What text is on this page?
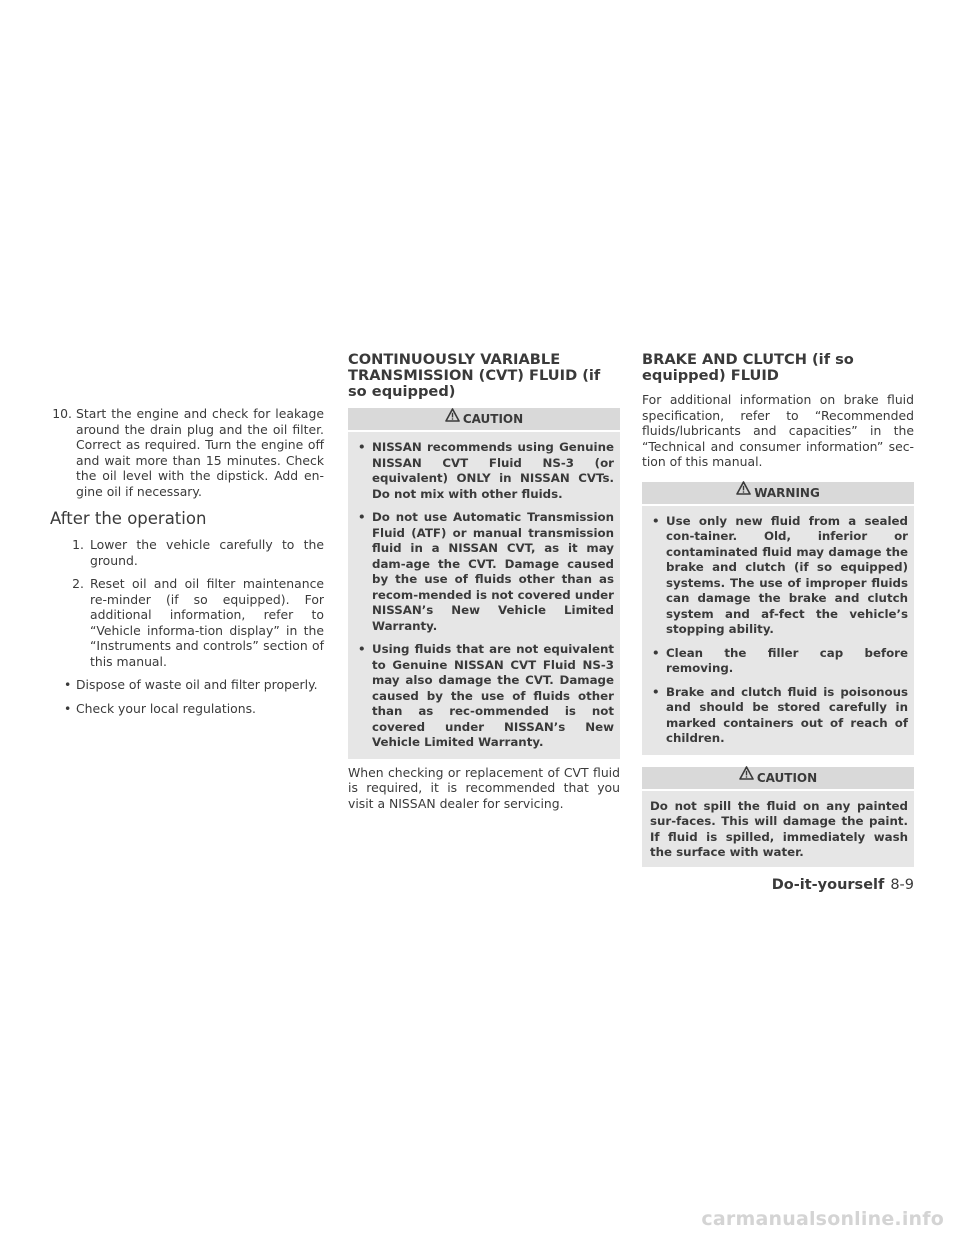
10. Start the engine and check for leakage around the drain plug and the oil filter. Correct as required. Turn the engine off and wait more than 15 minutes. Check the oil level with the dipstick. Add en-gine oil if necessary.
After the operation
1. Lower the vehicle carefully to the ground.
2. Reset oil and oil filter maintenance re-minder (if so equipped). For additional information, refer to “Vehicle informa-tion display” in the “Instruments and controls” section of this manual.
• Dispose of waste oil and filter properly.
• Check your local regulations.
CONTINUOUSLY VARIABLE TRANSMISSION (CVT) FLUID (if so equipped)
CAUTION
• NISSAN recommends using Genuine NISSAN CVT Fluid NS-3 (or equivalent) ONLY in NISSAN CVTs. Do not mix with other fluids.
• Do not use Automatic Transmission Fluid (ATF) or manual transmission fluid in a NISSAN CVT, as it may dam-age the CVT. Damage caused by the use of fluids other than as recom-mended is not covered under NISSAN’s New Vehicle Limited Warranty.
• Using fluids that are not equivalent to Genuine NISSAN CVT Fluid NS-3 may also damage the CVT. Damage caused by the use of fluids other than as rec-ommended is not covered under NISSAN’s New Vehicle Limited Warranty.

When checking or replacement of CVT fluid is required, it is recommended that you visit a NISSAN dealer for servicing.

BRAKE AND CLUTCH (if so equipped) FLUID

For additional information on brake fluid specification, refer to “Recommended fluids/lubricants and capacities” in the “Technical and consumer information” sec-tion of this manual.

WARNING
• Use only new fluid from a sealed con-tainer. Old, inferior or contaminated fluid may damage the brake and clutch (if so equipped) systems. The use of improper fluids can damage the brake and clutch system and af-fect the vehicle’s stopping ability.
• Clean the filler cap before removing.
• Brake and clutch fluid is poisonous and should be stored carefully in marked containers out of reach of children.
CAUTION

Do not spill the fluid on any painted sur-faces. This will damage the paint. If fluid is spilled, immediately wash the surface with water.

Do-it-yourself 8-9
carmanualsonline.info
